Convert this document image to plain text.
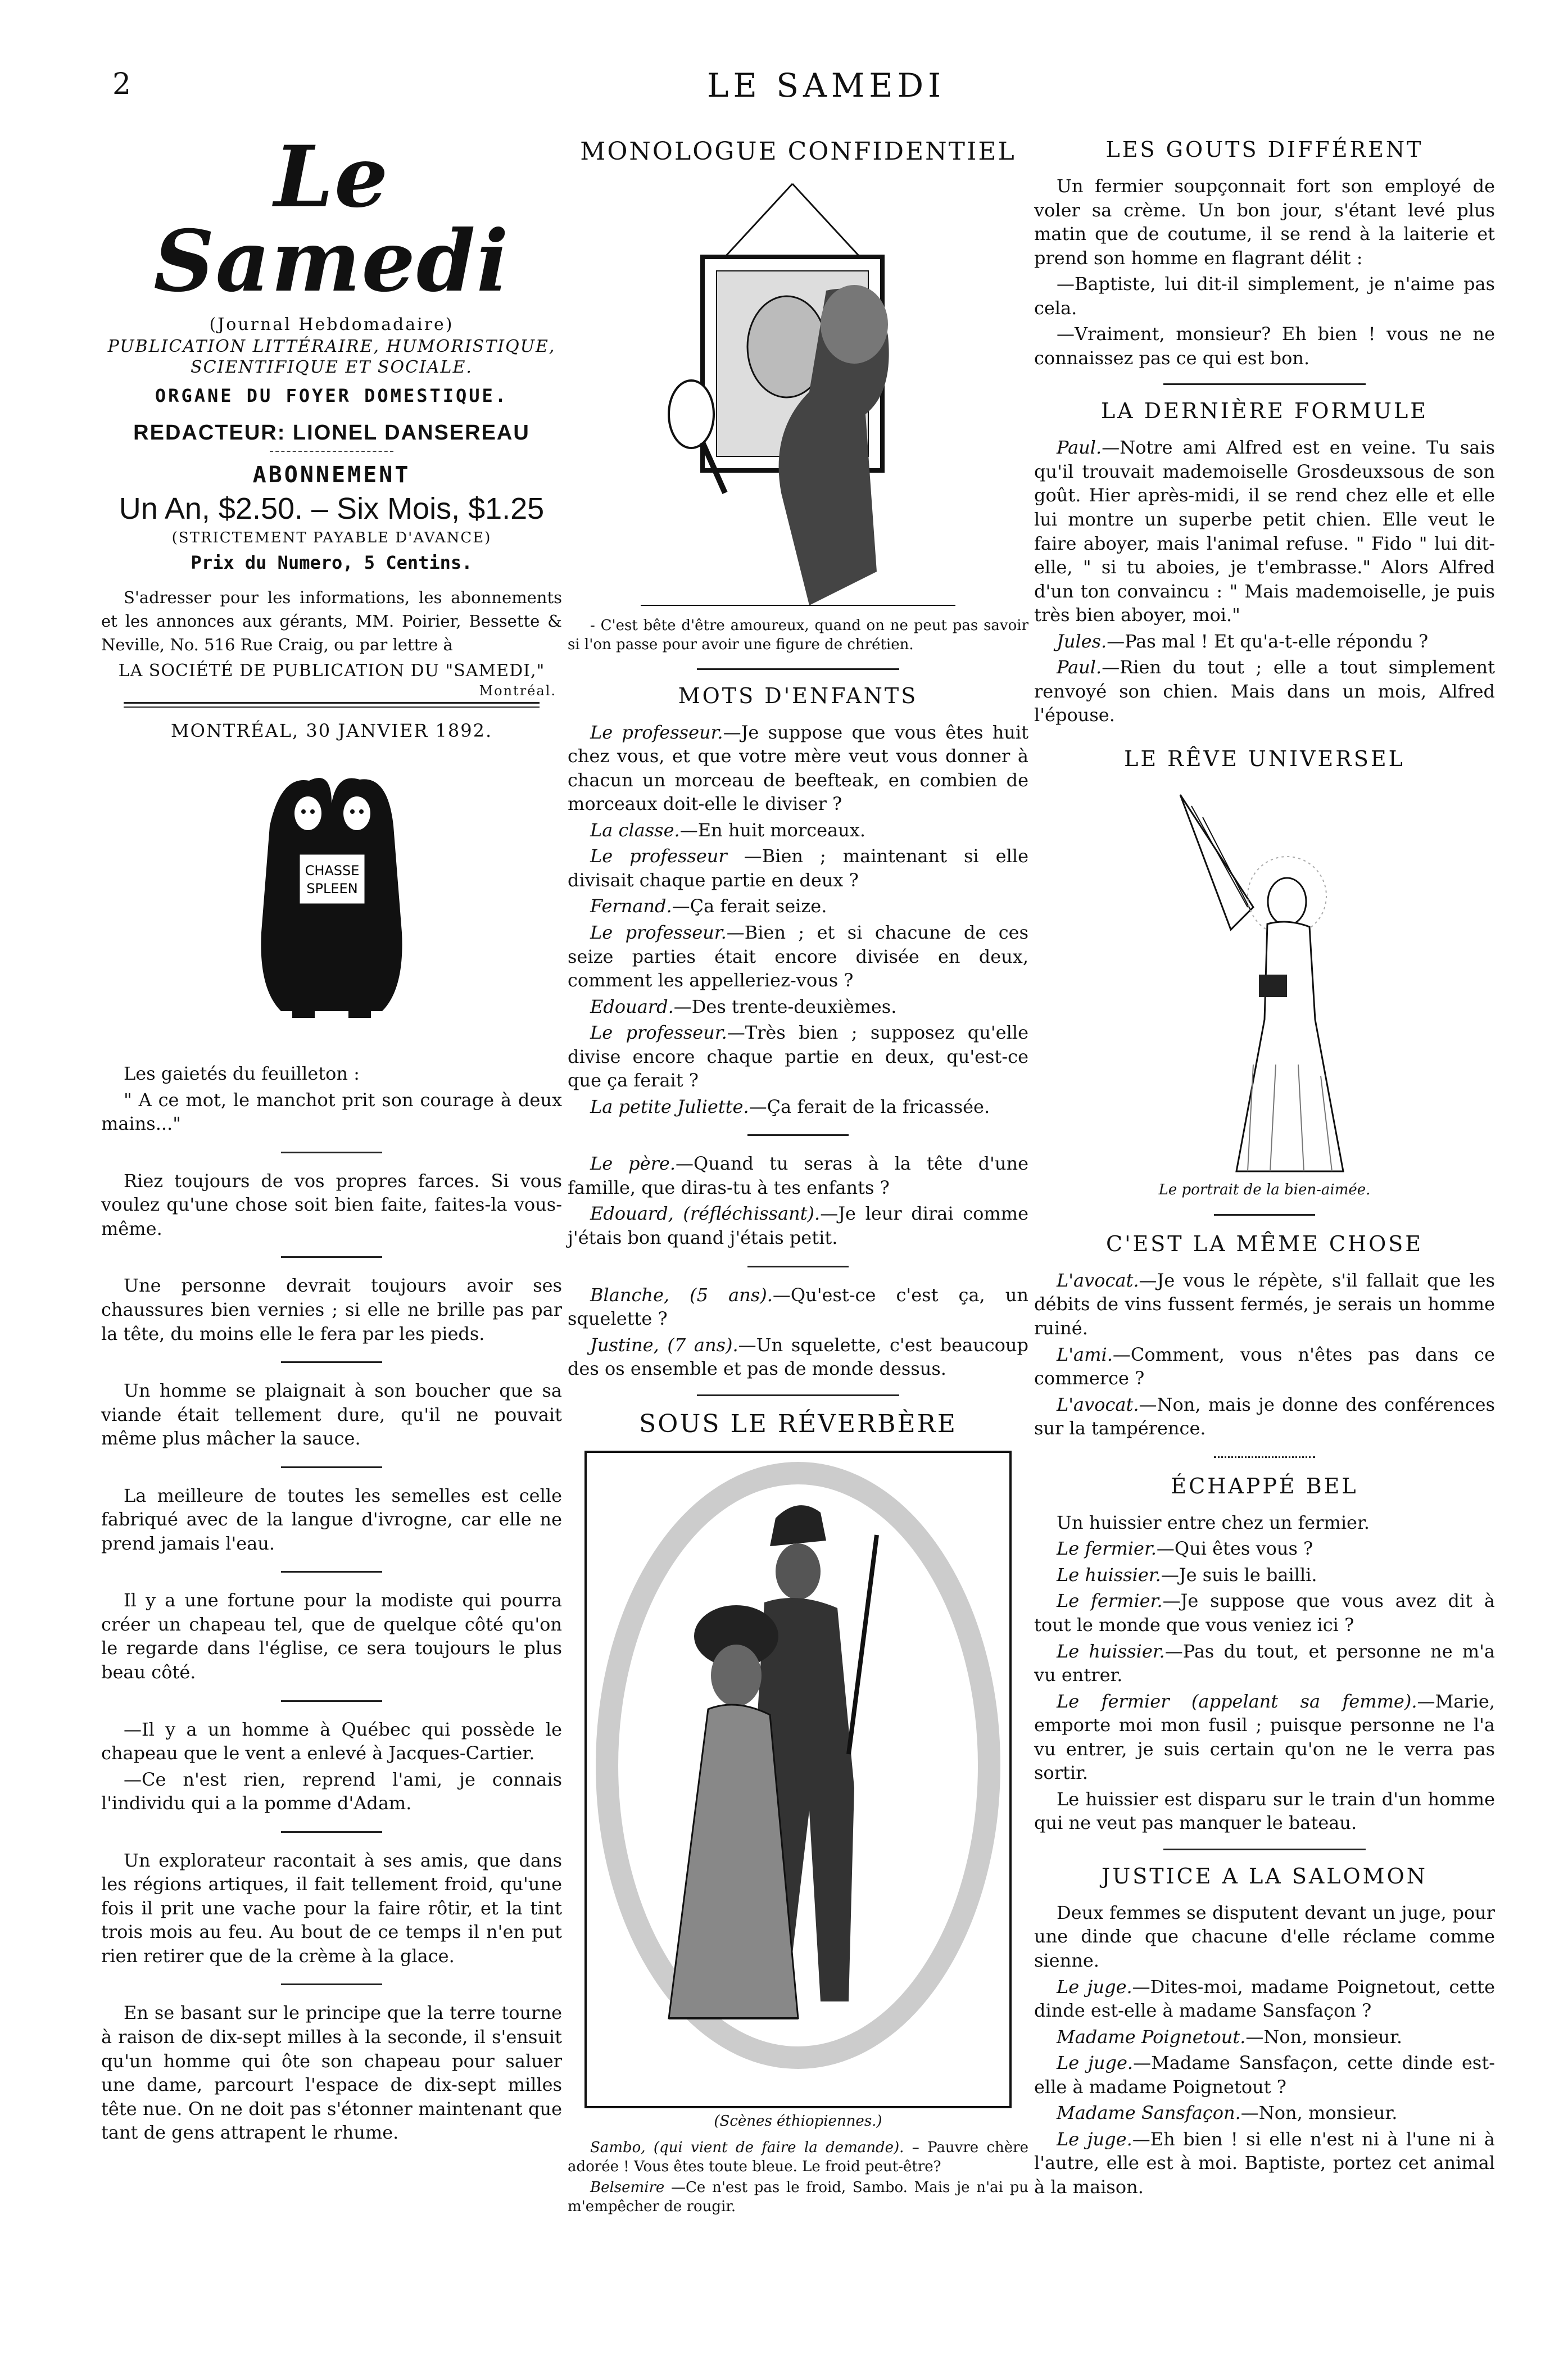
2	LE SAMEDI
Le Samedi
(Journal Hebdomadaire)
PUBLICATION LITTÉRAIRE, HUMORISTIQUE,
SCIENTIFIQUE ET SOCIALE.
ORGANE DU FOYER DOMESTIQUE.
REDACTEUR: LIONEL DANSEREAU
ABONNEMENT
Un An, $2.50. – Six Mois, $1.25
(STRICTEMENT PAYABLE D'AVANCE)
Prix du Numero, 5 Centins.

S'adresser pour les informations, les abonnements et les annonces aux gérants, MM. Poirier, Bessette & Neville, No. 516 Rue Craig, ou par lettre à

LA SOCIÉTÉ DE PUBLICATION DU "SAMEDI,"
Montréal.
MONTRÉAL, 30 JANVIER 1892.
CHASSE
SPLEEN

Les gaietés du feuilleton :

" A ce mot, le manchot prit son courage à deux mains..."

Riez toujours de vos propres farces. Si vous voulez qu'une chose soit bien faite, faites-la vous-même.

Une personne devrait toujours avoir ses chaussures bien vernies ; si elle ne brille pas par la tête, du moins elle le fera par les pieds.

Un homme se plaignait à son boucher que sa viande était tellement dure, qu'il ne pouvait même plus mâcher la sauce.

La meilleure de toutes les semelles est celle fabriqué avec de la langue d'ivrogne, car elle ne prend jamais l'eau.

Il y a une fortune pour la modiste qui pourra créer un chapeau tel, que de quelque côté qu'on le regarde dans l'église, ce sera toujours le plus beau côté.

—Il y a un homme à Québec qui possède le chapeau que le vent a enlevé à Jacques-Cartier.

—Ce n'est rien, reprend l'ami, je connais l'individu qui a la pomme d'Adam.

Un explorateur racontait à ses amis, que dans les régions artiques, il fait tellement froid, qu'une fois il prit une vache pour la faire rôtir, et la tint trois mois au feu. Au bout de ce temps il n'en put rien retirer que de la crème à la glace.

En se basant sur le principe que la terre tourne à raison de dix-sept milles à la seconde, il s'ensuit qu'un homme qui ôte son chapeau pour saluer une dame, parcourt l'espace de dix-sept milles tête nue. On ne doit pas s'étonner maintenant que tant de gens attrapent le rhume.

MONOLOGUE CONFIDENTIEL

- C'est bête d'être amoureux, quand on ne peut pas savoir si l'on passe pour avoir une figure de chrétien.

MOTS D'ENFANTS

Le professeur.—Je suppose que vous êtes huit chez vous, et que votre mère veut vous donner à chacun un morceau de beefteak, en combien de morceaux doit-elle le diviser ?

La classe.—En huit morceaux.

Le professeur —Bien ; maintenant si elle divisait chaque partie en deux ?

Fernand.—Ça ferait seize.

Le professeur.—Bien ; et si chacune de ces seize parties était encore divisée en deux, comment les appelleriez-vous ?

Edouard.—Des trente-deuxièmes.

Le professeur.—Très bien ; supposez qu'elle divise encore chaque partie en deux, qu'est-ce que ça ferait ?

La petite Juliette.—Ça ferait de la fricassée.

Le père.—Quand tu seras à la tête d'une famille, que diras-tu à tes enfants ?

Edouard, (réfléchissant).—Je leur dirai comme j'étais bon quand j'étais petit.

Blanche, (5 ans).—Qu'est-ce c'est ça, un squelette ?

Justine, (7 ans).—Un squelette, c'est beaucoup des os ensemble et pas de monde dessus.

SOUS LE RÉVERBÈRE
(Scènes éthiopiennes.)

Sambo, (qui vient de faire la demande). – Pauvre chère adorée ! Vous êtes toute bleue. Le froid peut-être?

Belsemire —Ce n'est pas le froid, Sambo. Mais je n'ai pu m'empêcher de rougir.

LES GOUTS DIFFÉRENT

Un fermier soupçonnait fort son employé de voler sa crème. Un bon jour, s'étant levé plus matin que de coutume, il se rend à la laiterie et prend son homme en flagrant délit :

—Baptiste, lui dit-il simplement, je n'aime pas cela.

—Vraiment, monsieur? Eh bien ! vous ne ne connaissez pas ce qui est bon.

LA DERNIÈRE FORMULE

Paul.—Notre ami Alfred est en veine. Tu sais qu'il trouvait mademoiselle Grosdeuxsous de son goût. Hier après-midi, il se rend chez elle et elle lui montre un superbe petit chien. Elle veut le faire aboyer, mais l'animal refuse. " Fido " lui dit-elle, " si tu aboies, je t'embrasse." Alors Alfred d'un ton convaincu : " Mais mademoiselle, je puis très bien aboyer, moi."

Jules.—Pas mal ! Et qu'a-t-elle répondu ?

Paul.—Rien du tout ; elle a tout simplement renvoyé son chien. Mais dans un mois, Alfred l'épouse.

LE RÊVE UNIVERSEL
Le portrait de la bien-aimée.
C'EST LA MÊME CHOSE

L'avocat.—Je vous le répète, s'il fallait que les débits de vins fussent fermés, je serais un homme ruiné.

L'ami.—Comment, vous n'êtes pas dans ce commerce ?

L'avocat.—Non, mais je donne des conférences sur la tampérence.

ÉCHAPPÉ BEL

Un huissier entre chez un fermier.

Le fermier.—Qui êtes vous ?

Le huissier.—Je suis le bailli.

Le fermier.—Je suppose que vous avez dit à tout le monde que vous veniez ici ?

Le huissier.—Pas du tout, et personne ne m'a vu entrer.

Le fermier (appelant sa femme).—Marie, emporte moi mon fusil ; puisque personne ne l'a vu entrer, je suis certain qu'on ne le verra pas sortir.

Le huissier est disparu sur le train d'un homme qui ne veut pas manquer le bateau.

JUSTICE A LA SALOMON

Deux femmes se disputent devant un juge, pour une dinde que chacune d'elle réclame comme sienne.

Le juge.—Dites-moi, madame Poignetout, cette dinde est-elle à madame Sansfaçon ?

Madame Poignetout.—Non, monsieur.

Le juge.—Madame Sansfaçon, cette dinde est-elle à madame Poignetout ?

Madame Sansfaçon.—Non, monsieur.

Le juge.—Eh bien ! si elle n'est ni à l'une ni à l'autre, elle est à moi. Baptiste, portez cet animal à la maison.
